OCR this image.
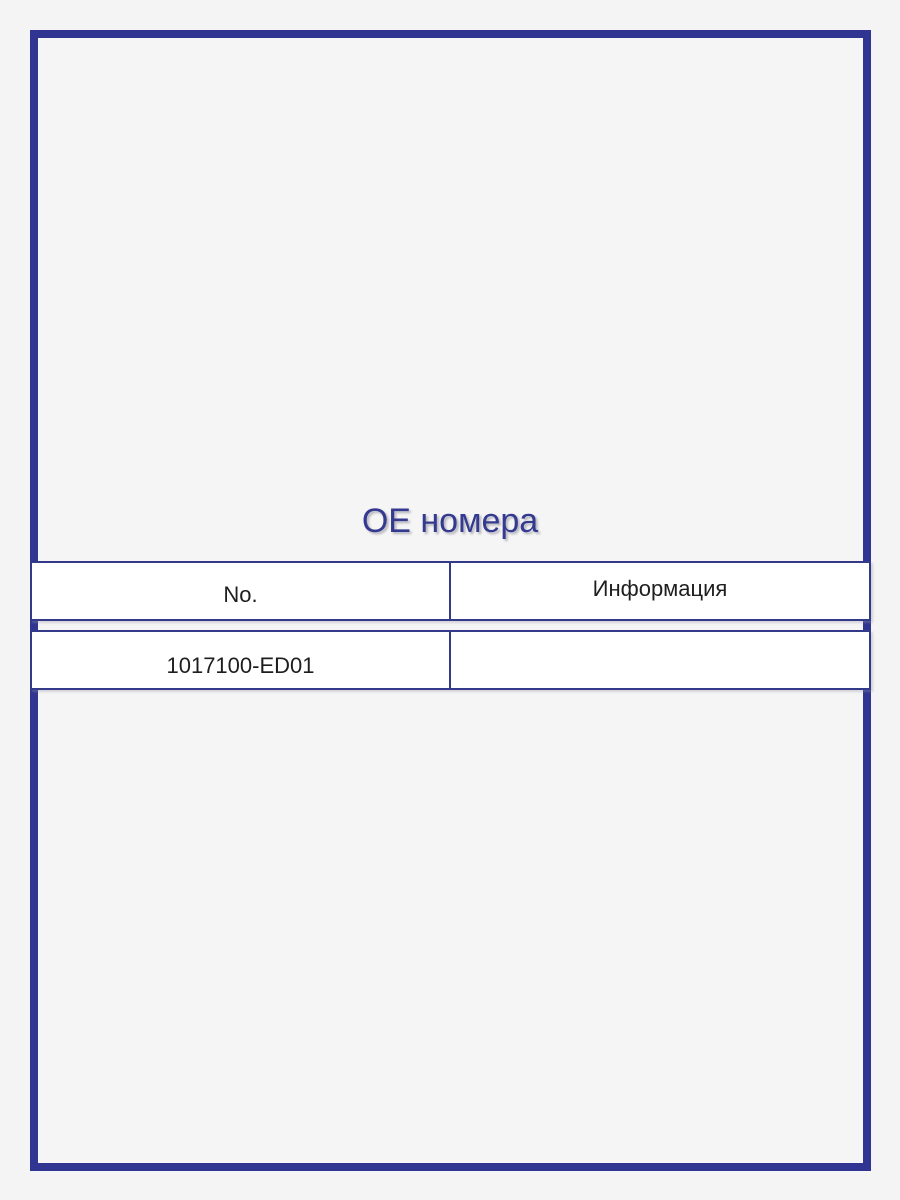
OE номера
No.	Информация
1017100-ED01
